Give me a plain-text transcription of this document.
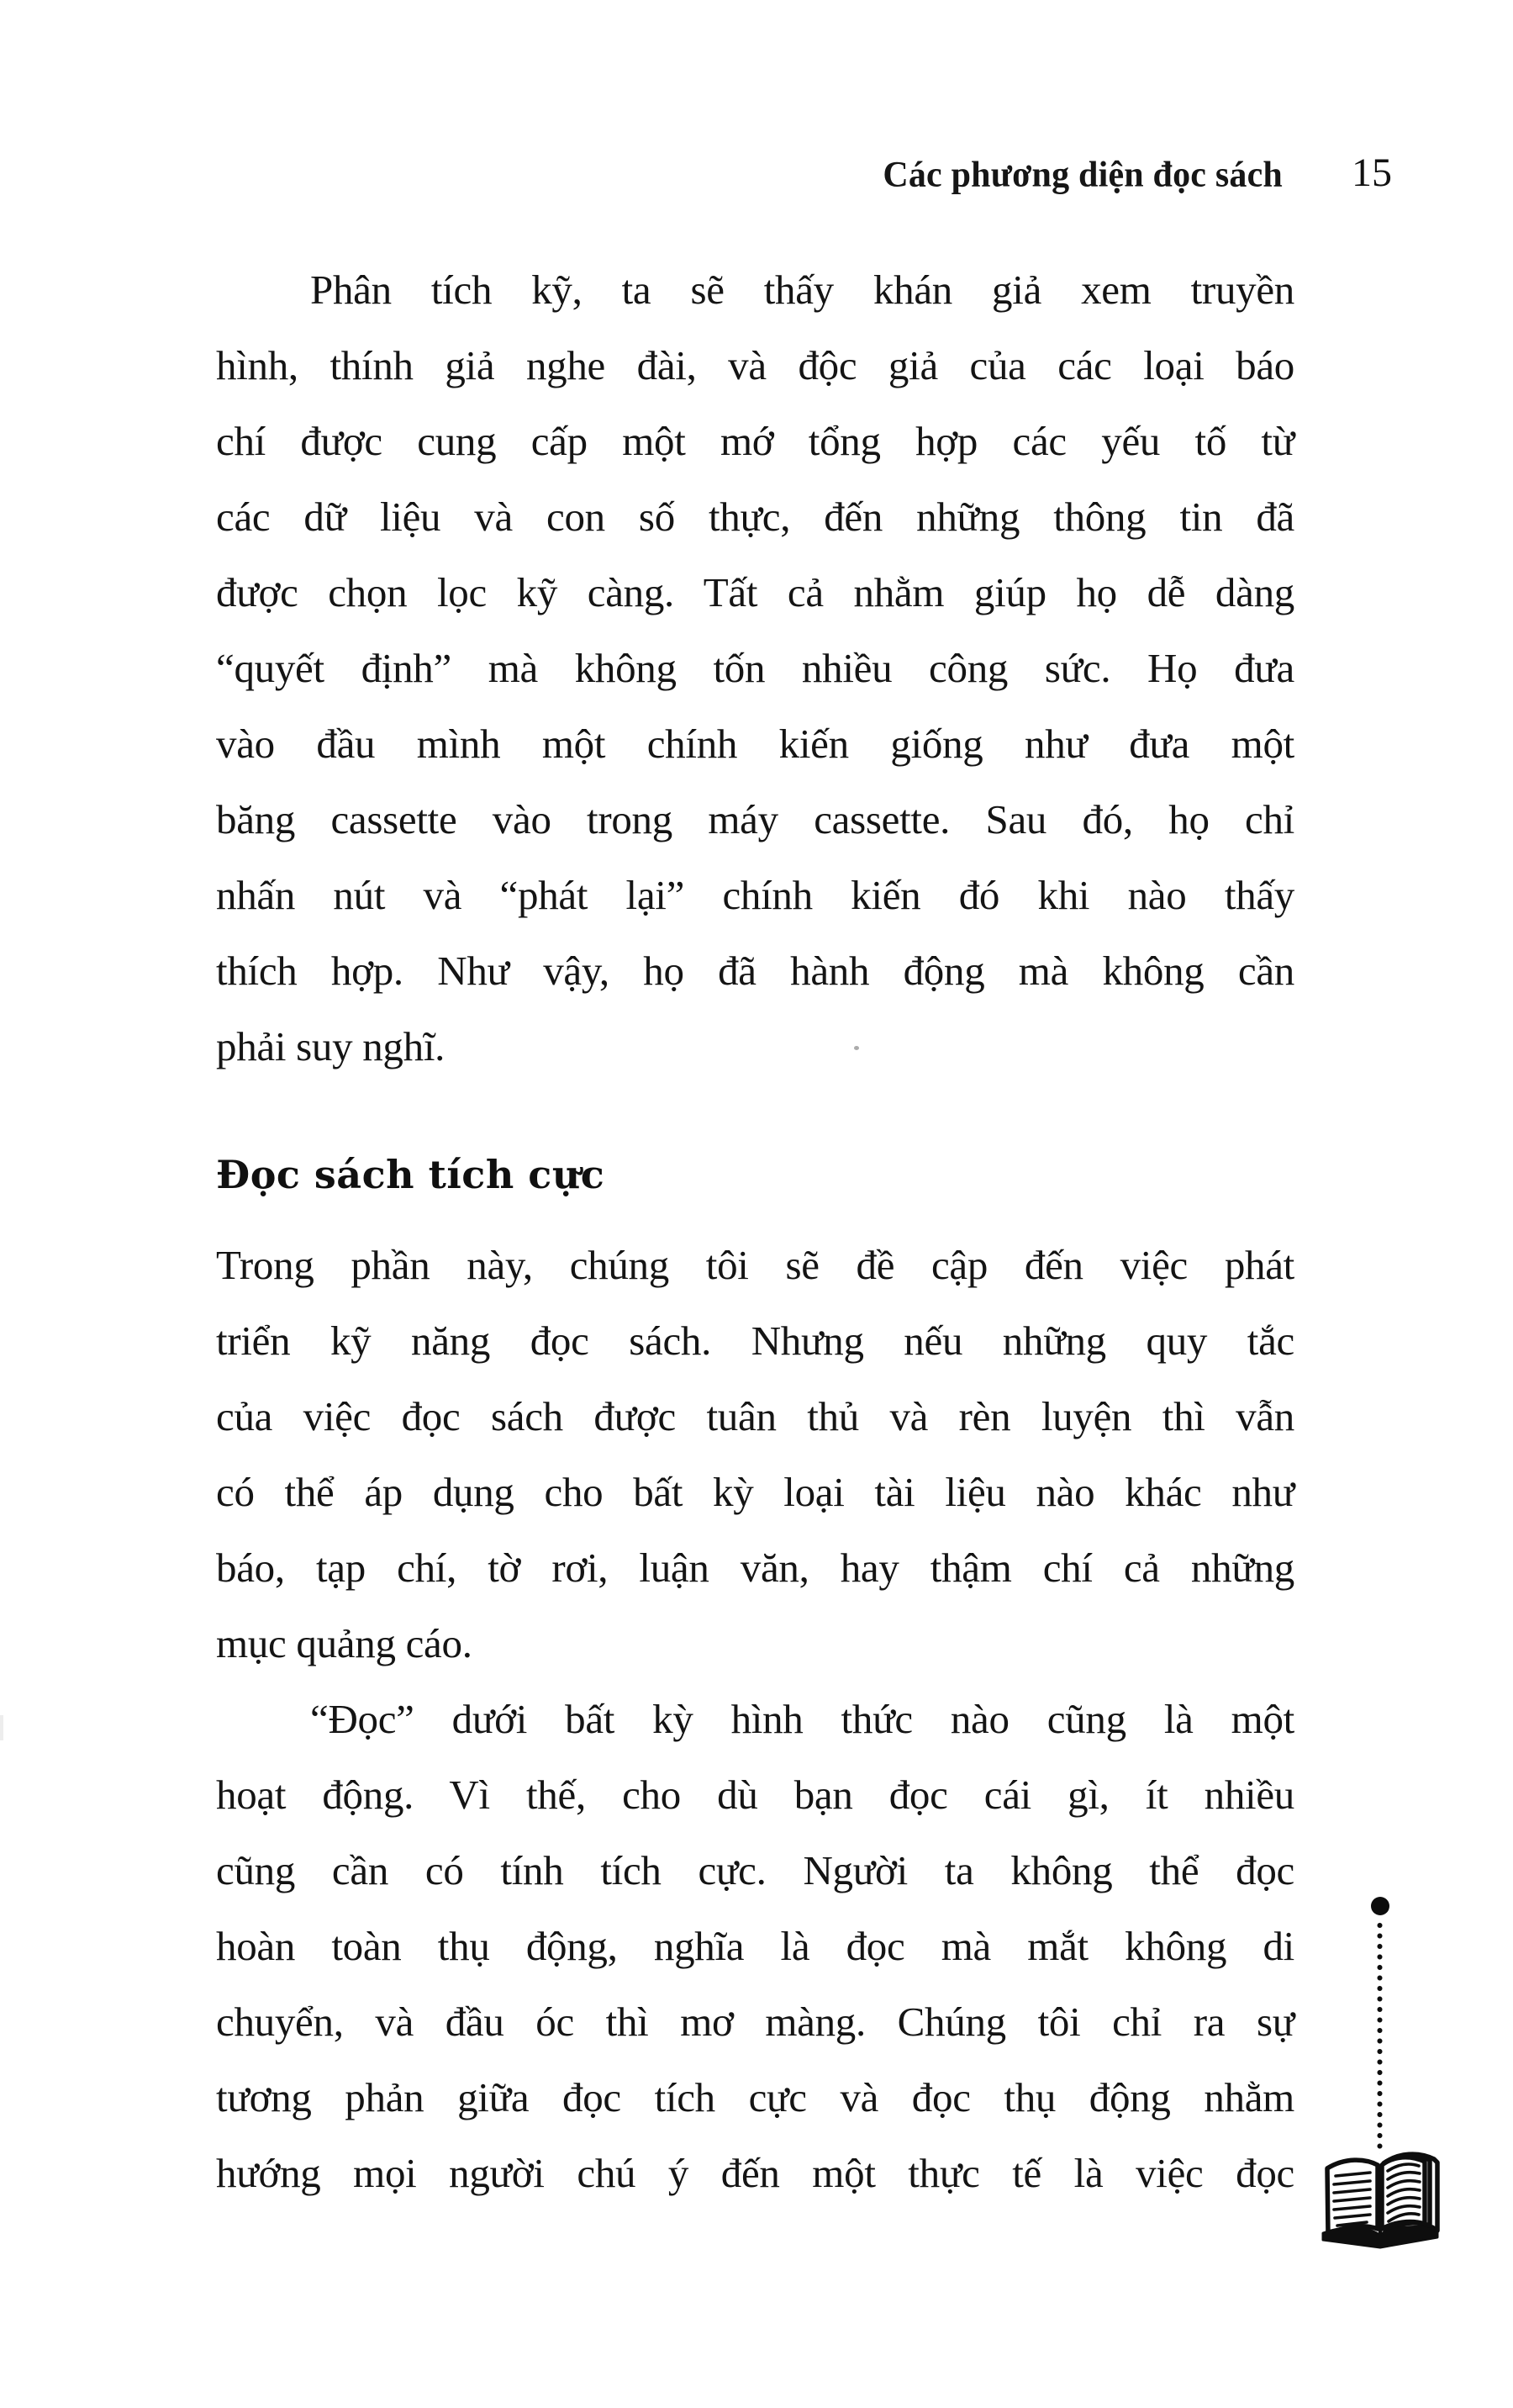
Các phương diện đọc sách 15
Phân tích kỹ, ta sẽ thấy khán giả xem truyền
hình, thính giả nghe đài, và độc giả của các loại báo
chí được cung cấp một mớ tổng hợp các yếu tố từ
các dữ liệu và con số thực, đến những thông tin đã
được chọn lọc kỹ càng. Tất cả nhằm giúp họ dễ dàng
“quyết định” mà không tốn nhiều công sức. Họ đưa
vào đầu mình một chính kiến giống như đưa một
băng cassette vào trong máy cassette. Sau đó, họ chỉ
nhấn nút và “phát lại” chính kiến đó khi nào thấy
thích hợp. Như vậy, họ đã hành động mà không cần
phải suy nghĩ.
Đọc sách tích cực
Trong phần này, chúng tôi sẽ đề cập đến việc phát
triển kỹ năng đọc sách. Nhưng nếu những quy tắc
của việc đọc sách được tuân thủ và rèn luyện thì vẫn
có thể áp dụng cho bất kỳ loại tài liệu nào khác như
báo, tạp chí, tờ rơi, luận văn, hay thậm chí cả những
mục quảng cáo.
“Đọc” dưới bất kỳ hình thức nào cũng là một
hoạt động. Vì thế, cho dù bạn đọc cái gì, ít nhiều
cũng cần có tính tích cực. Người ta không thể đọc
hoàn toàn thụ động, nghĩa là đọc mà mắt không di
chuyển, và đầu óc thì mơ màng. Chúng tôi chỉ ra sự
tương phản giữa đọc tích cực và đọc thụ động nhằm
hướng mọi người chú ý đến một thực tế là việc đọc
